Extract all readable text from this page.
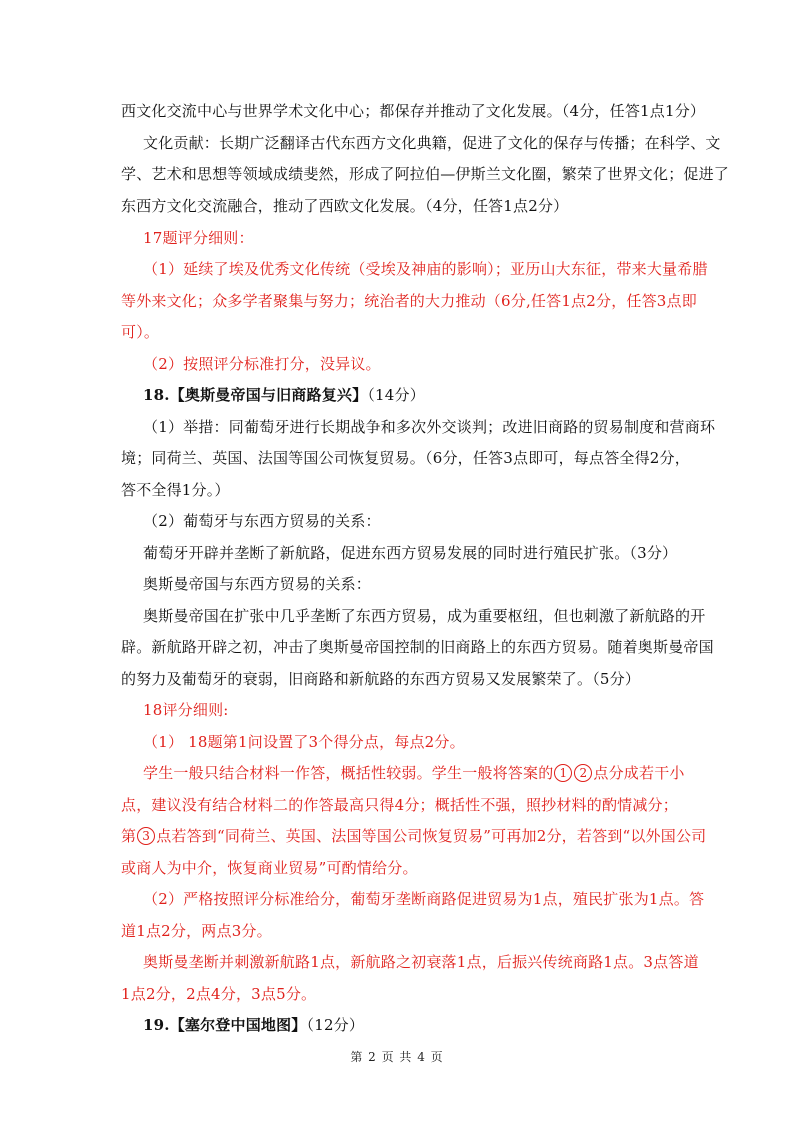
西文化交流中心与世界学术文化中心；都保存并推动了文化发展。（4分，任答1点1分）
文化贡献：长期广泛翻译古代东西方文化典籍，促进了文化的保存与传播；在科学、文
学、艺术和思想等领域成绩斐然，形成了阿拉伯—伊斯兰文化圈，繁荣了世界文化；促进了
东西方文化交流融合，推动了西欧文化发展。（4分，任答1点2分）
17题评分细则：
（1）延续了埃及优秀文化传统（受埃及神庙的影响）；亚历山大东征，带来大量希腊
等外来文化；众多学者聚集与努力；统治者的大力推动（6分,任答1点2分，任答3点即
可）。
（2）按照评分标准打分，没异议。
18.【奥斯曼帝国与旧商路复兴】（14分）
（1）举措：同葡萄牙进行长期战争和多次外交谈判；改进旧商路的贸易制度和营商环
境；同荷兰、英国、法国等国公司恢复贸易。（6分，任答3点即可，每点答全得2分，
答不全得1分。）
（2）葡萄牙与东西方贸易的关系：
葡萄牙开辟并垄断了新航路，促进东西方贸易发展的同时进行殖民扩张。（3分）
奥斯曼帝国与东西方贸易的关系：
奥斯曼帝国在扩张中几乎垄断了东西方贸易，成为重要枢纽，但也刺激了新航路的开
辟。新航路开辟之初，冲击了奥斯曼帝国控制的旧商路上的东西方贸易。随着奥斯曼帝国
的努力及葡萄牙的衰弱，旧商路和新航路的东西方贸易又发展繁荣了。（5分）
18评分细则:
（1） 18题第1问设置了3个得分点，每点2分。
学生一般只结合材料一作答，概括性较弱。学生一般将答案的 1 2 点分成若干小
点，建议没有结合材料二的作答最高只得4分；概括性不强，照抄材料的酌情减分；
第 3 点若答到“同荷兰、英国、法国等国公司恢复贸易”可再加2分，若答到“以外国公司
或商人为中介，恢复商业贸易”可酌情给分。
（2）严格按照评分标准给分，葡萄牙垄断商路促进贸易为1点，殖民扩张为1点。答
道1点2分，两点3分。
奥斯曼垄断并刺激新航路1点，新航路之初衰落1点，后振兴传统商路1点。3点答道
1点2分，2点4分，3点5分。
19.【塞尔登中国地图】（12分）
第 2 页 共 4 页
